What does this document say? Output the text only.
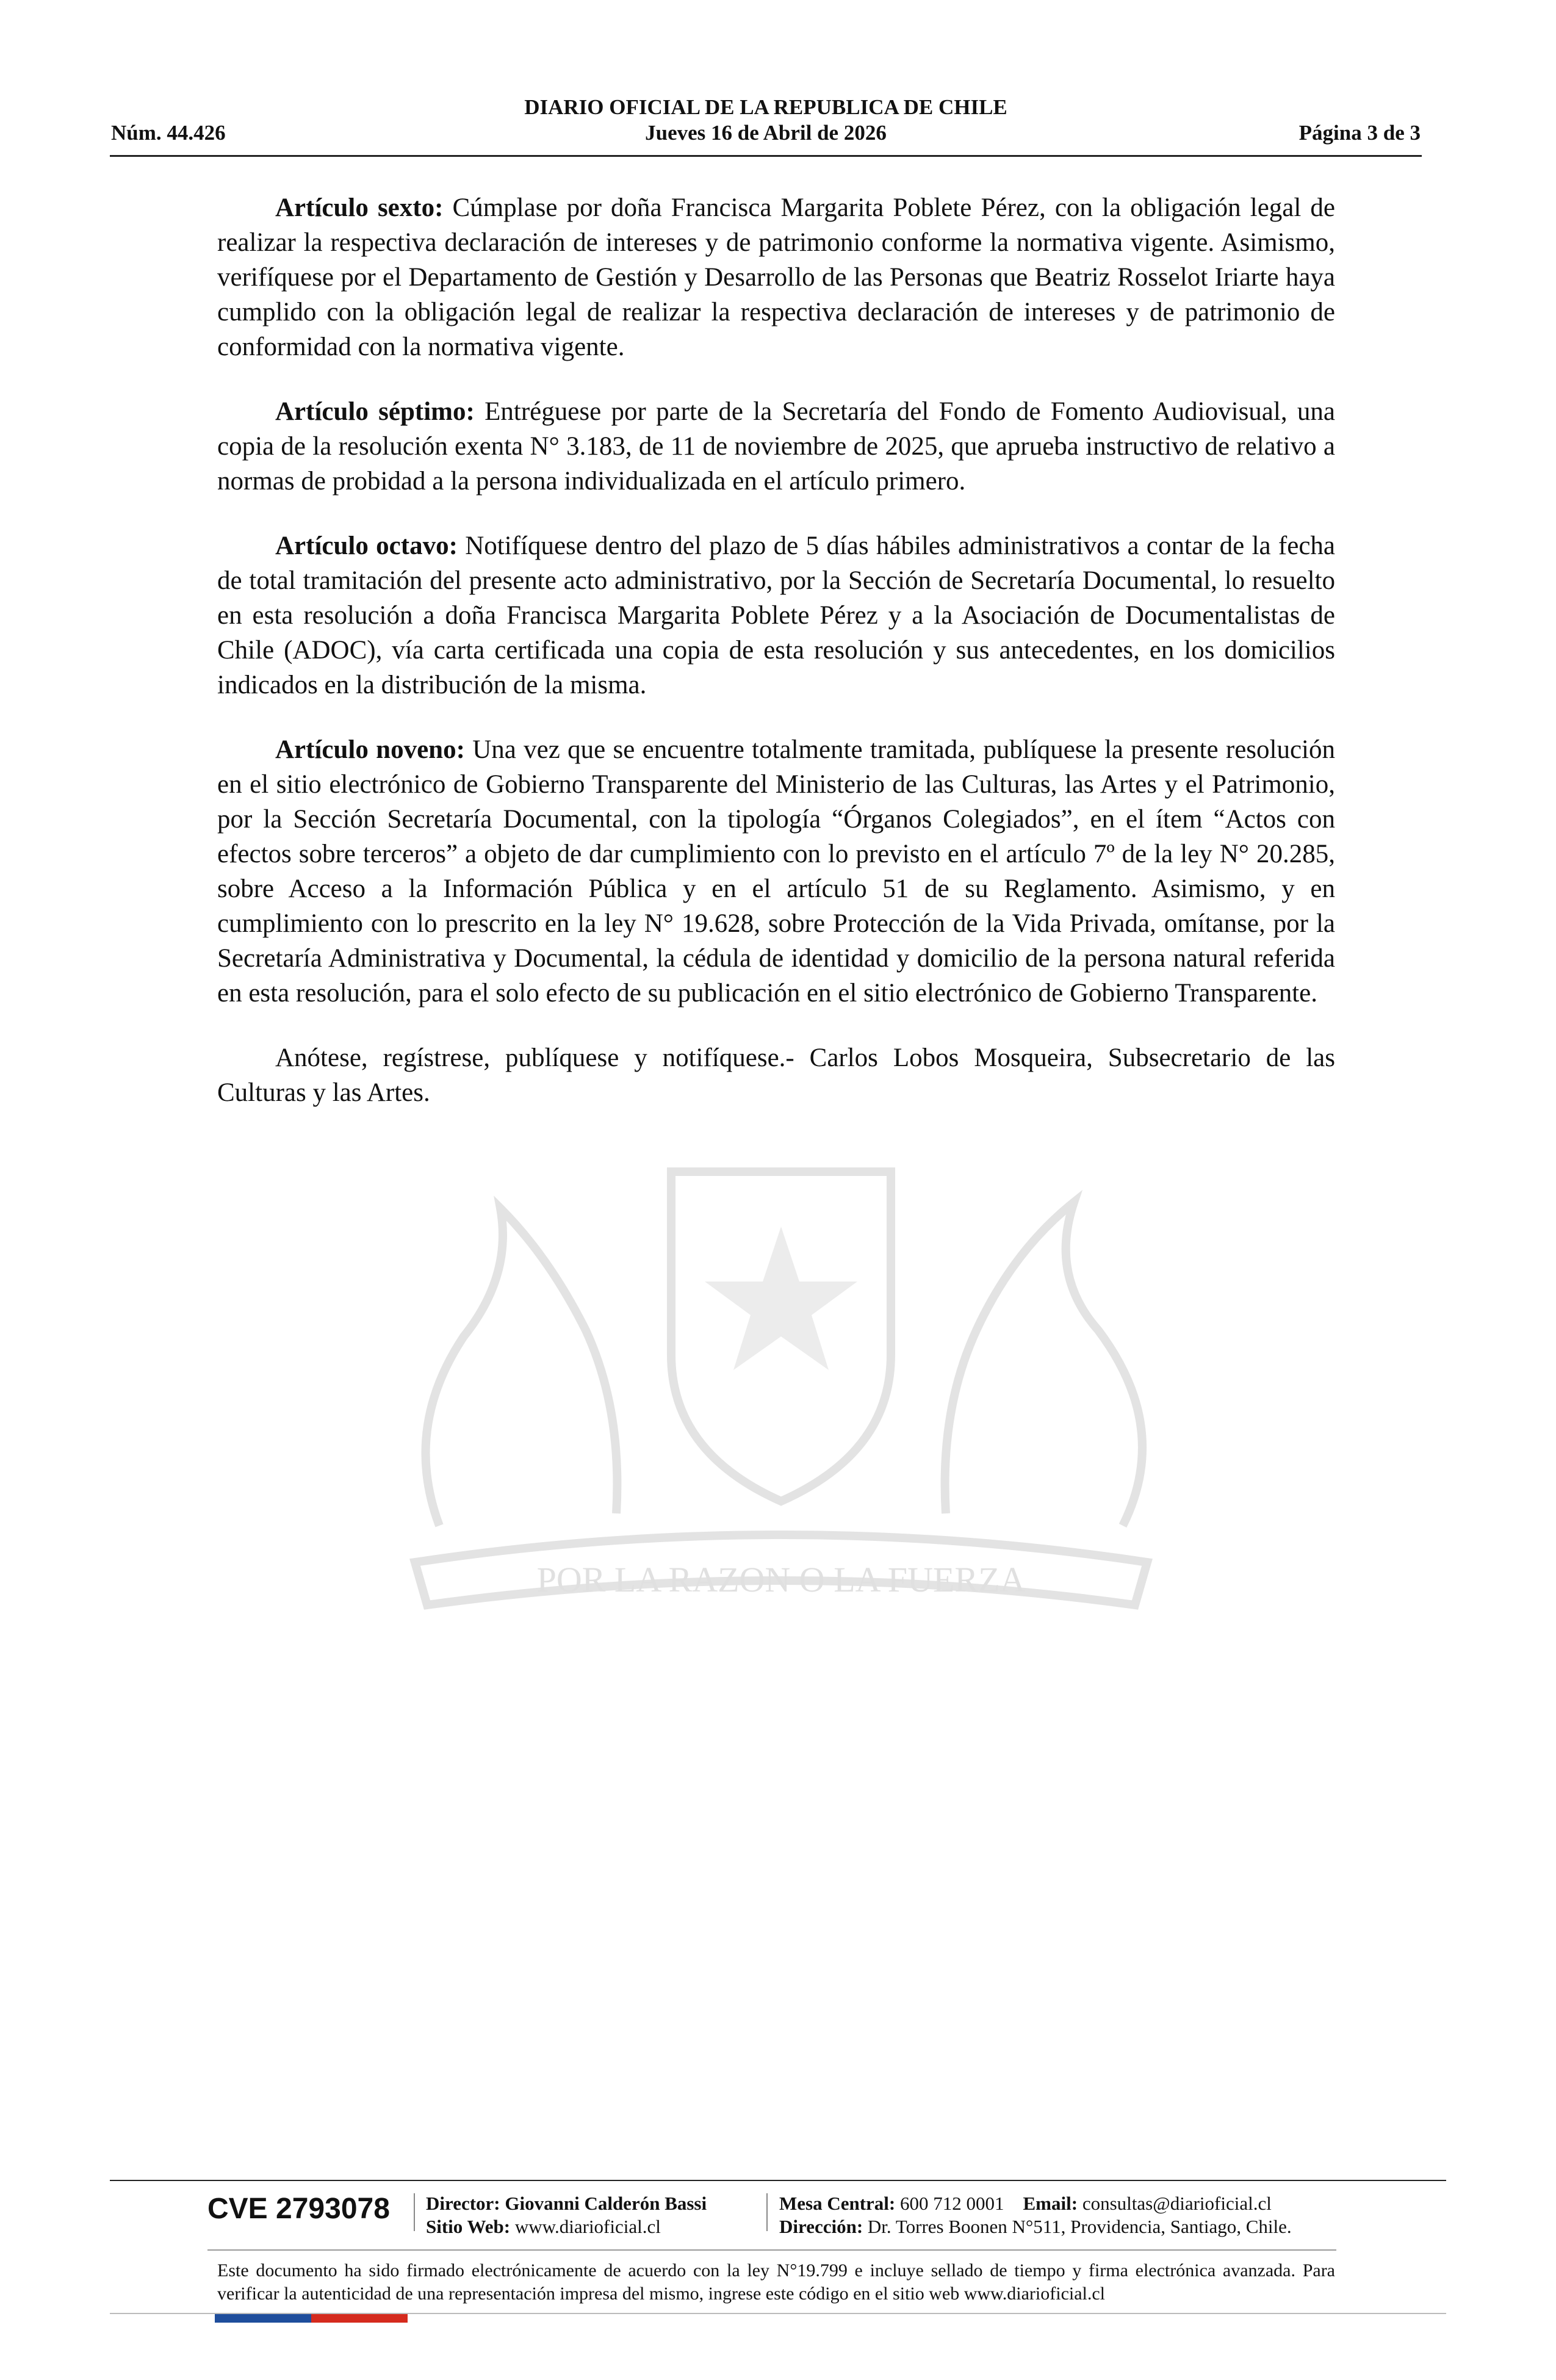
DIARIO OFICIAL DE LA REPUBLICA DE CHILE
Núm. 44.426	Jueves 16 de Abril de 2026	Página 3 de 3
POR LA RAZON O LA FUERZA

Artículo sexto: Cúmplase por doña Francisca Margarita Poblete Pérez, con la obligación legal de realizar la respectiva declaración de intereses y de patrimonio conforme la normativa vigente. Asimismo, verifíquese por el Departamento de Gestión y Desarrollo de las Personas que Beatriz Rosselot Iriarte haya cumplido con la obligación legal de realizar la respectiva declaración de intereses y de patrimonio de conformidad con la normativa vigente.

Artículo séptimo: Entréguese por parte de la Secretaría del Fondo de Fomento Audiovisual, una copia de la resolución exenta N° 3.183, de 11 de noviembre de 2025, que aprueba instructivo de relativo a normas de probidad a la persona individualizada en el artículo primero.

Artículo octavo: Notifíquese dentro del plazo de 5 días hábiles administrativos a contar de la fecha de total tramitación del presente acto administrativo, por la Sección de Secretaría Documental, lo resuelto en esta resolución a doña Francisca Margarita Poblete Pérez y a la Asociación de Documentalistas de Chile (ADOC), vía carta certificada una copia de esta resolución y sus antecedentes, en los domicilios indicados en la distribución de la misma.

Artículo noveno: Una vez que se encuentre totalmente tramitada, publíquese la presente resolución en el sitio electrónico de Gobierno Transparente del Ministerio de las Culturas, las Artes y el Patrimonio, por la Sección Secretaría Documental, con la tipología “Órganos Colegiados”, en el ítem “Actos con efectos sobre terceros” a objeto de dar cumplimiento con lo previsto en el artículo 7º de la ley N° 20.285, sobre Acceso a la Información Pública y en el artículo 51 de su Reglamento. Asimismo, y en cumplimiento con lo prescrito en la ley N° 19.628, sobre Protección de la Vida Privada, omítanse, por la Secretaría Administrativa y Documental, la cédula de identidad y domicilio de la persona natural referida en esta resolución, para el solo efecto de su publicación en el sitio electrónico de Gobierno Transparente.

Anótese, regístrese, publíquese y notifíquese.- Carlos Lobos Mosqueira, Subsecretario de las Culturas y las Artes.

CVE 2793078 Director: Giovanni Calderón Bassi
Sitio Web: www.diarioficial.cl
Mesa Central: 600 712 0001 Email: consultas@diarioficial.cl
Dirección: Dr. Torres Boonen N°511, Providencia, Santiago, Chile.
Este documento ha sido firmado electrónicamente de acuerdo con la ley N°19.799 e incluye sellado de tiempo y firma electrónica avanzada. Para verificar la autenticidad de una representación impresa del mismo, ingrese este código en el sitio web www.diarioficial.cl
